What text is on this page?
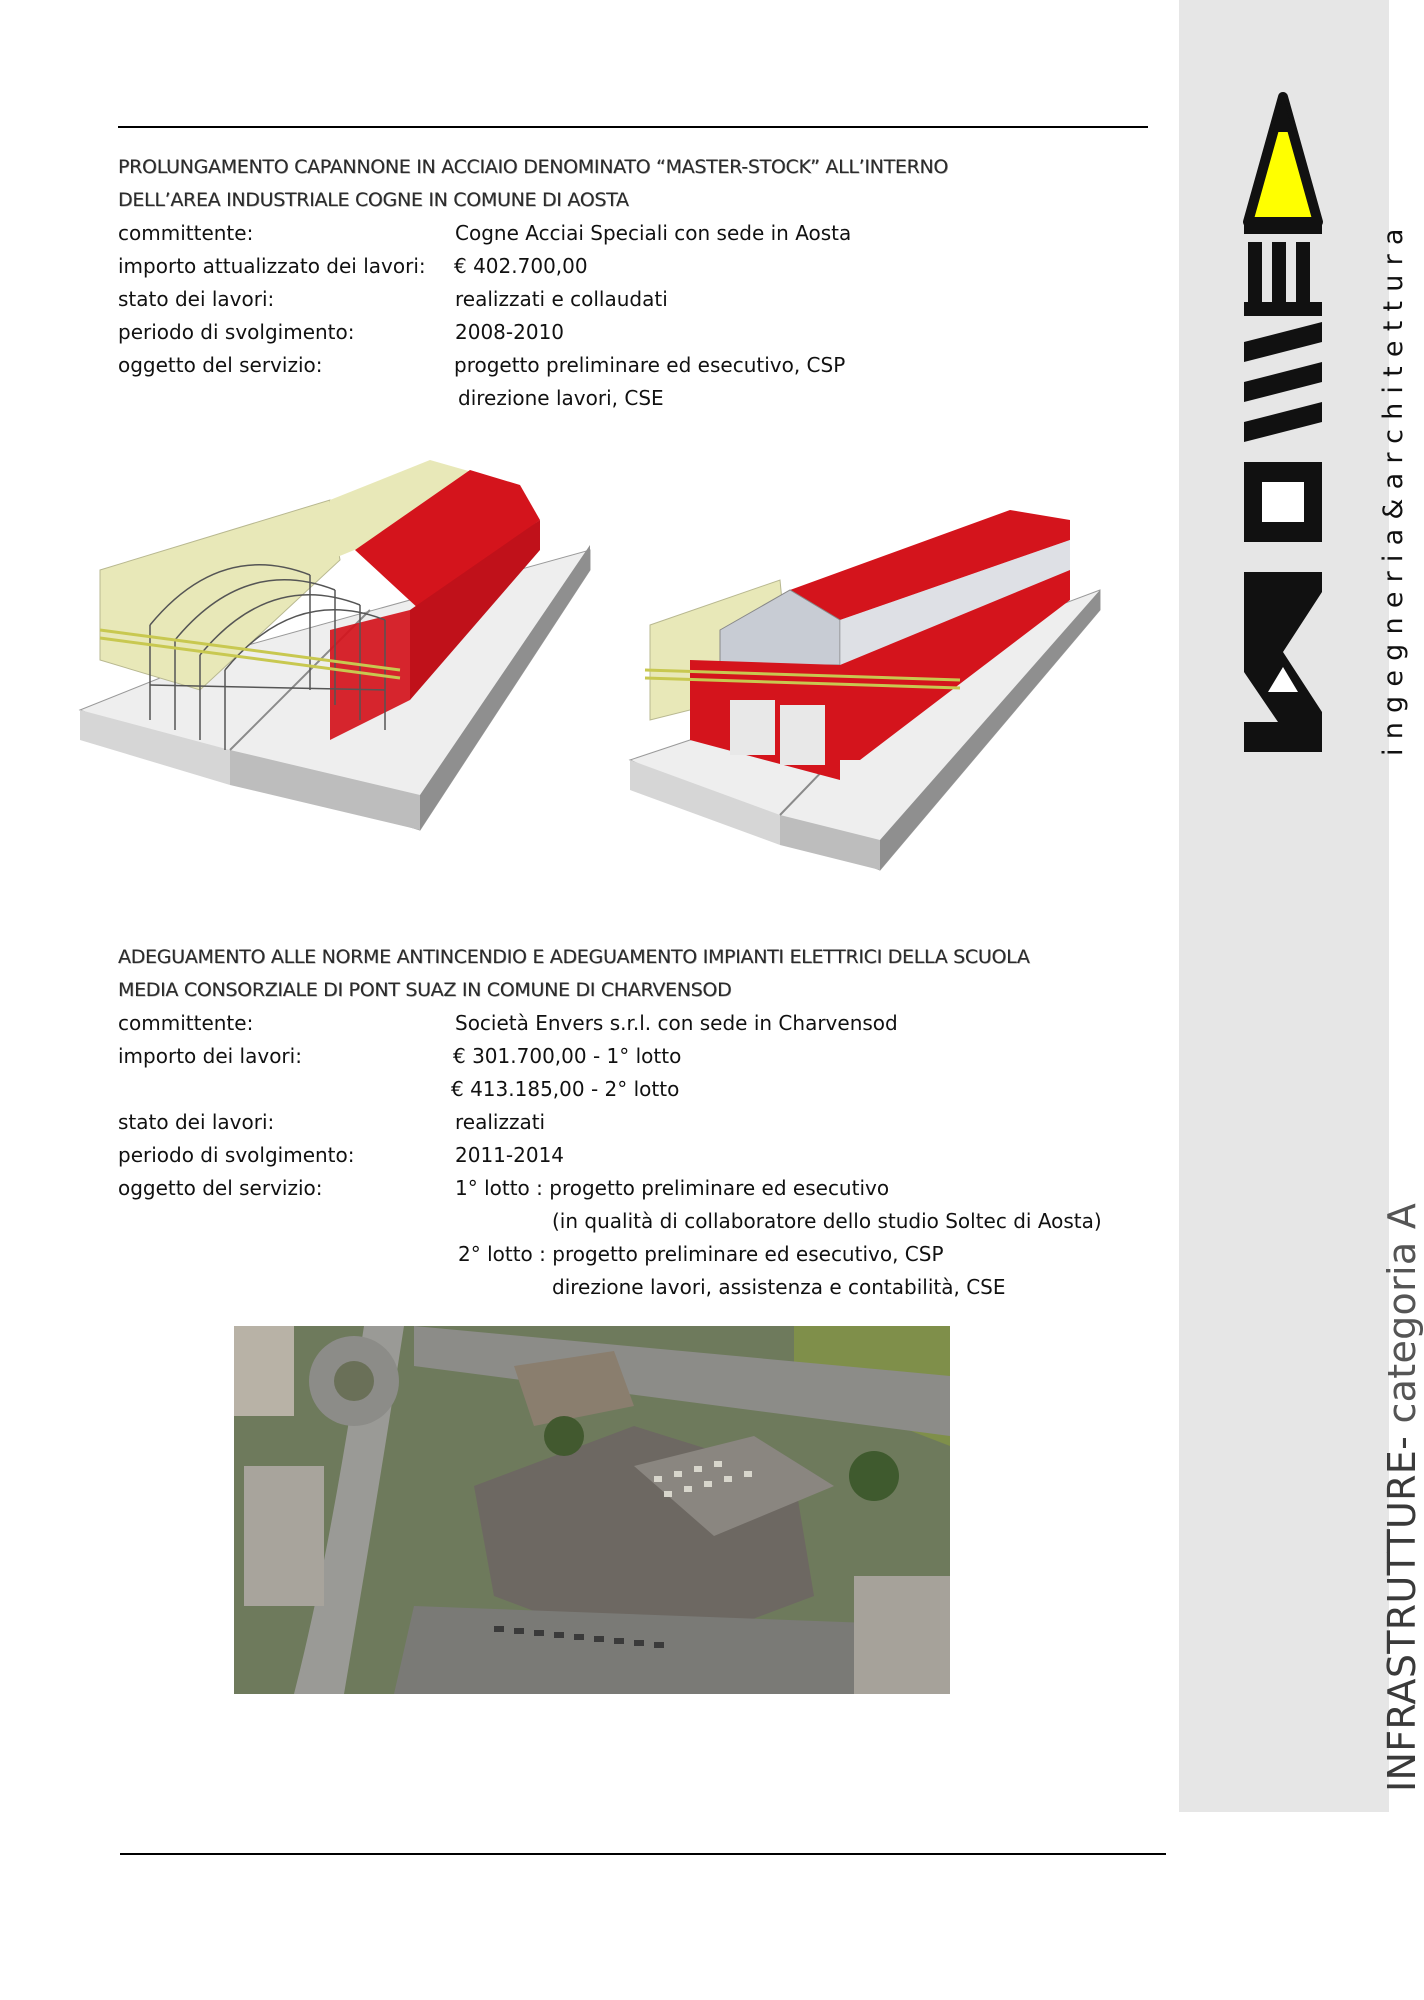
PROLUNGAMENTO CAPANNONE IN ACCIAIO DENOMINATO “MASTER-STOCK” ALL’INTERNO
DELL’AREA INDUSTRIALE COGNE IN COMUNE DI AOSTA
committente:	Cogne Acciai Speciali con sede in Aosta
importo attualizzato dei lavori: € 402.700,00
stato dei lavori:	realizzati e collaudati
periodo di svolgimento:	2008-2010
oggetto del servizio:	progetto preliminare ed esecutivo, CSP
direzione lavori, CSE
ADEGUAMENTO ALLE NORME ANTINCENDIO E ADEGUAMENTO IMPIANTI ELETTRICI DELLA SCUOLA
MEDIA CONSORZIALE DI PONT SUAZ IN COMUNE DI CHARVENSOD
committente:	Società Envers s.r.l. con sede in Charvensod
importo dei lavori:	€ 301.700,00 - 1° lotto
€ 413.185,00 - 2° lotto
stato dei lavori:	realizzati
periodo di svolgimento:	2011-2014
oggetto del servizio:	1° lotto : progetto preliminare ed esecutivo
(in qualità di collaboratore dello studio Soltec di Aosta)
2° lotto : progetto preliminare ed esecutivo, CSP
direzione lavori, assistenza e contabilità, CSE
ingegneria&architettura
INFRASTRUTTURE- categoria A
